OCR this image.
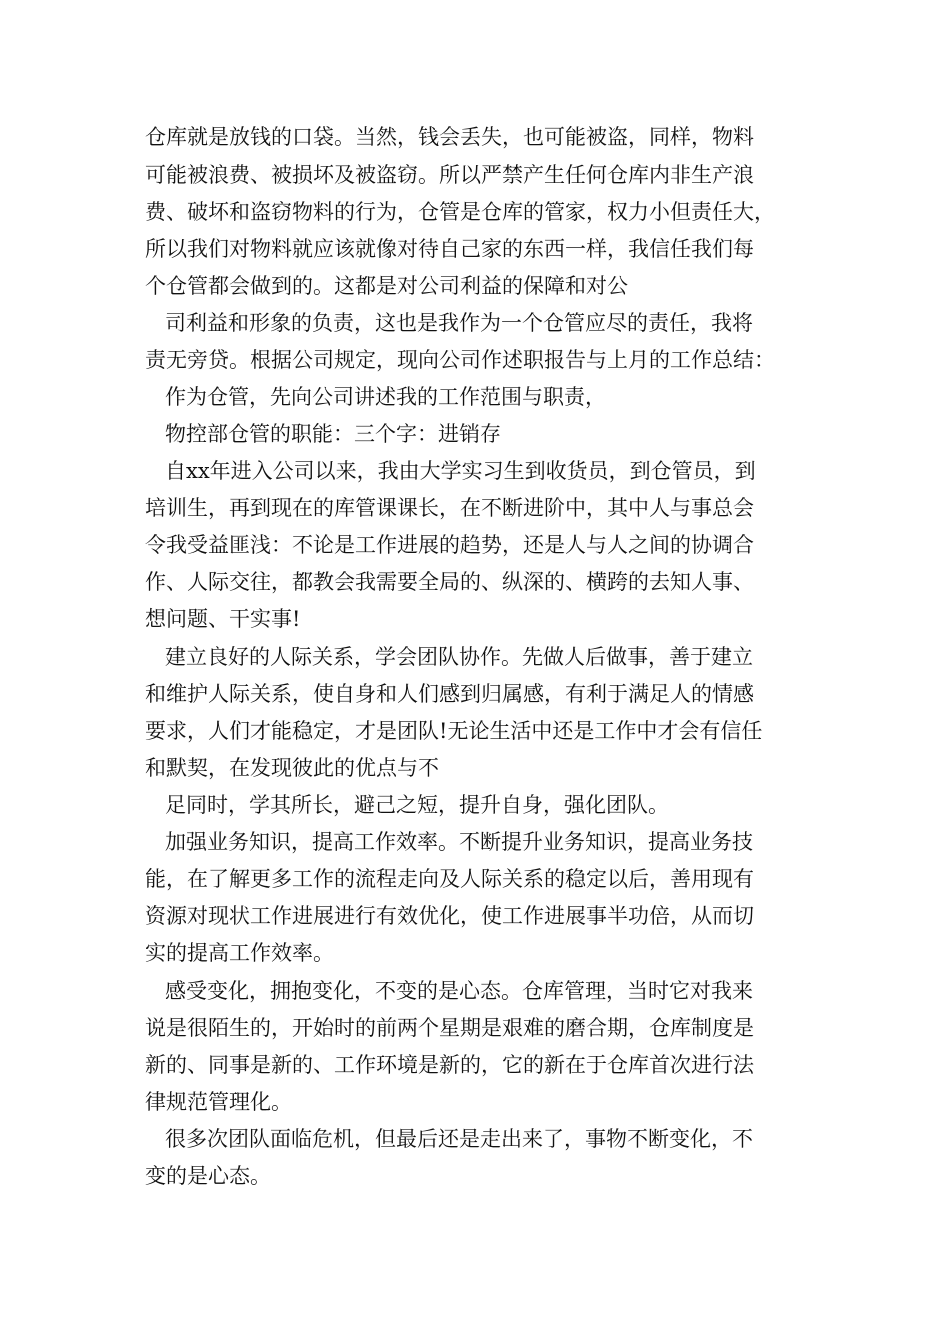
仓库就是放钱的口袋。当然，钱会丢失，也可能被盗，同样，物料
可能被浪费、被损坏及被盗窃。所以严禁产生任何仓库内非生产浪
费、破坏和盗窃物料的行为，仓管是仓库的管家，权力小但责任大，
所以我们对物料就应该就像对待自己家的东西一样，我信任我们每
个仓管都会做到的。这都是对公司利益的保障和对公
司利益和形象的负责，这也是我作为一个仓管应尽的责任，我将
责无旁贷。根据公司规定，现向公司作述职报告与上月的工作总结：
作为仓管，先向公司讲述我的工作范围与职责，
物控部仓管的职能：三个字：进销存
自xx年进入公司以来，我由大学实习生到收货员，到仓管员，到
培训生，再到现在的库管课课长，在不断进阶中，其中人与事总会
令我受益匪浅：不论是工作进展的趋势，还是人与人之间的协调合
作、人际交往，都教会我需要全局的、纵深的、横跨的去知人事、
想问题、干实事!
建立良好的人际关系，学会团队协作。先做人后做事，善于建立
和维护人际关系，使自身和人们感到归属感，有利于满足人的情感
要求，人们才能稳定，才是团队!无论生活中还是工作中才会有信任
和默契，在发现彼此的优点与不
足同时，学其所长，避己之短，提升自身，强化团队。
加强业务知识，提高工作效率。不断提升业务知识，提高业务技
能，在了解更多工作的流程走向及人际关系的稳定以后，善用现有
资源对现状工作进展进行有效优化，使工作进展事半功倍，从而切
实的提高工作效率。
感受变化，拥抱变化，不变的是心态。仓库管理，当时它对我来
说是很陌生的，开始时的前两个星期是艰难的磨合期，仓库制度是
新的、同事是新的、工作环境是新的，它的新在于仓库首次进行法
律规范管理化。
很多次团队面临危机，但最后还是走出来了，事物不断变化，不
变的是心态。
